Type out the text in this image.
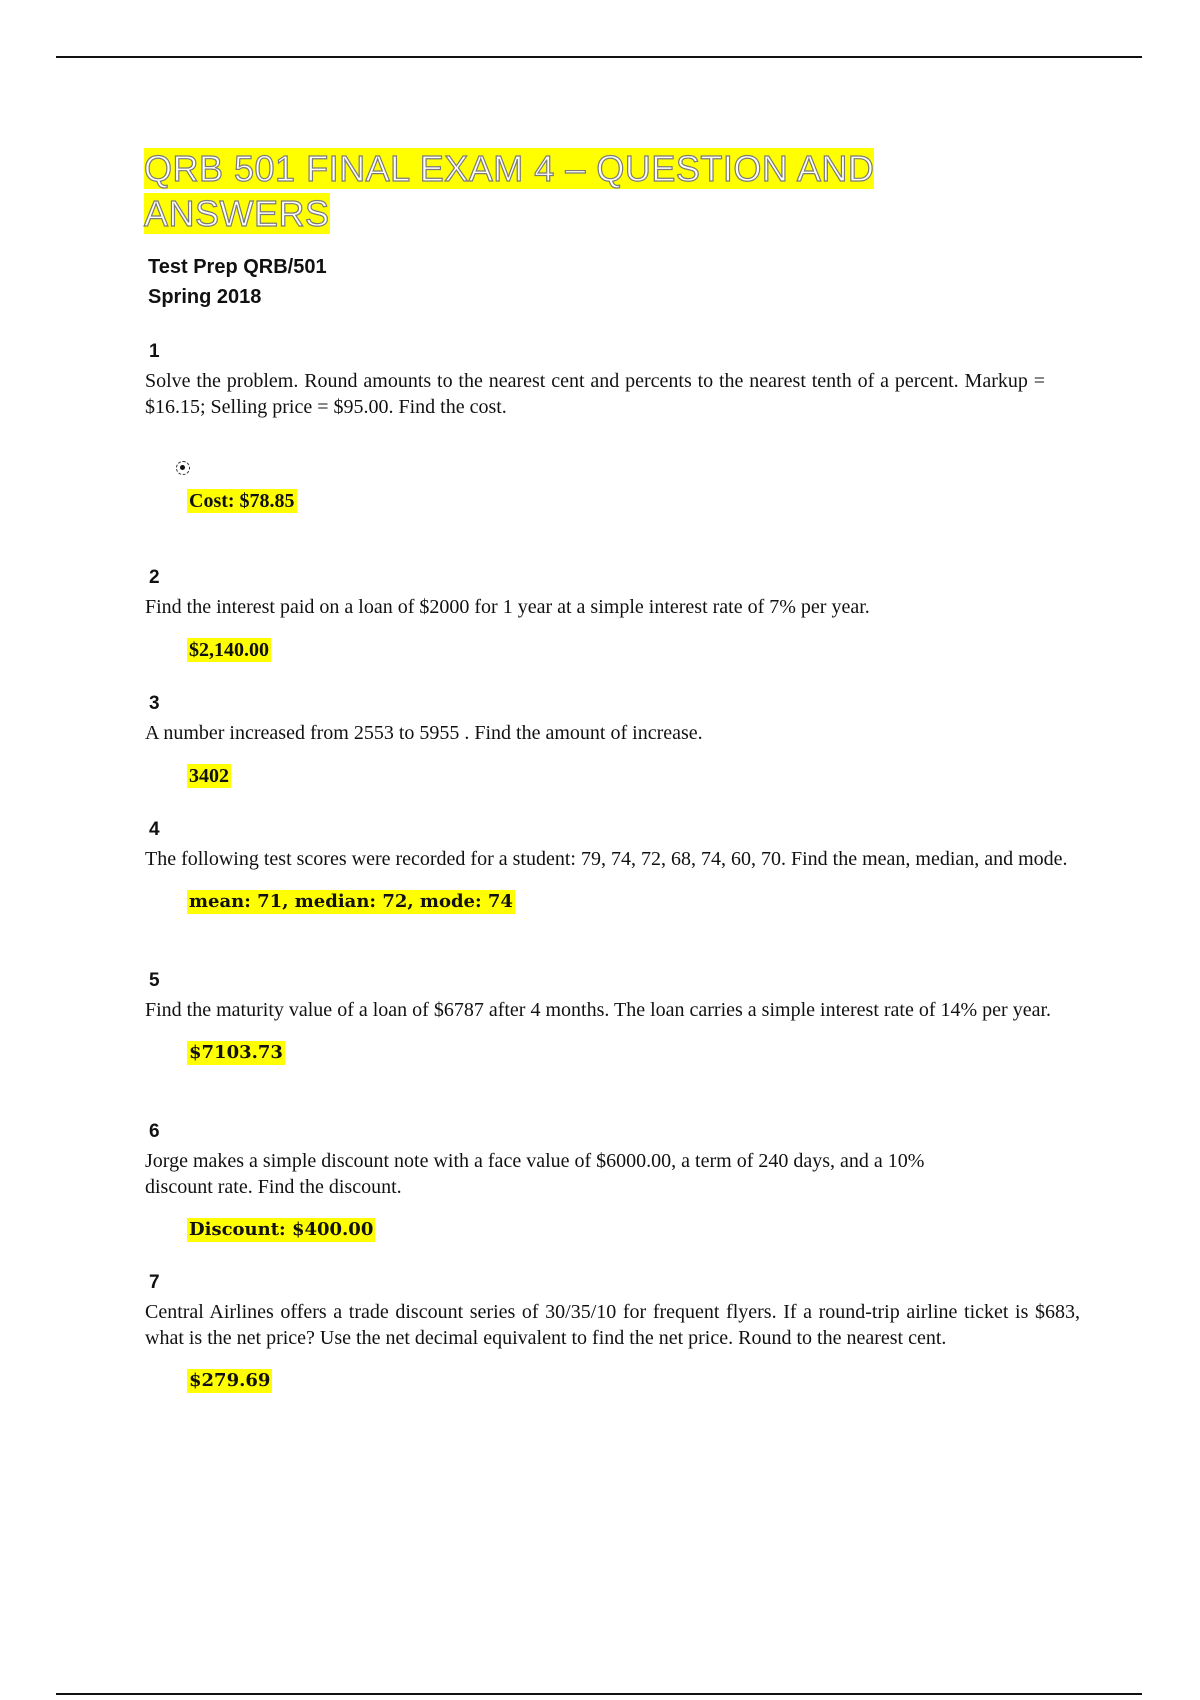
QRB 501 FINAL EXAM 4 – QUESTION AND
ANSWERS
Test Prep QRB/501
Spring 2018
1
Solve the problem. Round amounts to the nearest cent and percents to the nearest tenth of a percent. Markup = $16.15; Selling price = $95.00. Find the cost.
Cost: $78.85
2
Find the interest paid on a loan of $2000 for 1 year at a simple interest rate of 7% per year.
$2,140.00
3
A number increased from 2553 to 5955 . Find the amount of increase.
3402
4
The following test scores were recorded for a student: 79, 74, 72, 68, 74, 60, 70. Find the mean, median, and mode.
mean: 71, median: 72, mode: 74
5
Find the maturity value of a loan of $6787 after 4 months. The loan carries a simple interest rate of 14% per year.
$7103.73
6
Jorge makes a simple discount note with a face value of $6000.00, a term of 240 days, and a 10% discount rate. Find the discount.
Discount: $400.00
7
Central Airlines offers a trade discount series of 30/35/10 for frequent flyers. If a round-trip airline ticket is $683, what is the net price? Use the net decimal equivalent to find the net price. Round to the nearest cent.
$279.69
